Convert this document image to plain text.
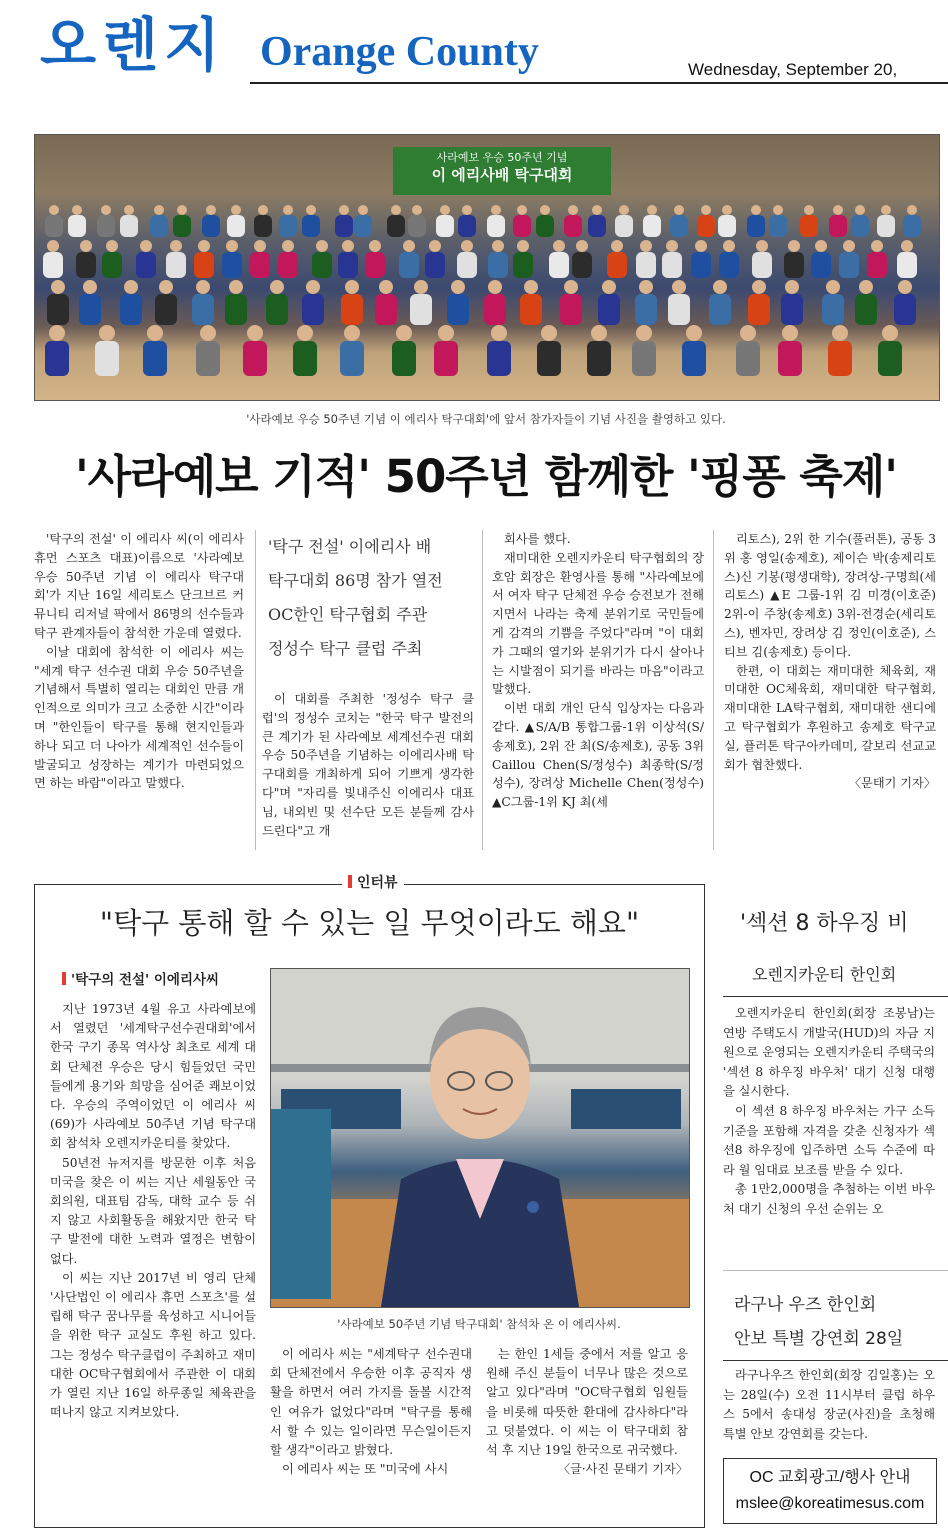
오렌지 Orange County	Wednesday, September 20,
사라예보 우승 50주년 기념
이 에리사배 탁구대회
'사라예보 우승 50주년 기념 이 에리사 탁구대회'에 앞서 참가자들이 기념 사진을 촬영하고 있다.
'사라예보 기적' 50주년 함께한 '핑퐁 축제'

'탁구의 전설' 이 에리사 씨(이 에리사 휴먼 스포츠 대표)이름으로 '사라예보 우승 50주년 기념 이 에리사 탁구대회'가 지난 16일 세리토스 단크브르 커뮤니티 리저널 팍에서 86명의 선수들과 탁구 관계자들이 참석한 가운데 열렸다.

이날 대회에 참석한 이 에리사 씨는 "세계 탁구 선수권 대회 우승 50주년을 기념해서 특별히 열리는 대회인 만큼 개인적으로 의미가 크고 소중한 시간"이라며 "한인들이 탁구를 통해 현지인들과 하나 되고 더 나아가 세계적인 선수들이 발굴되고 성장하는 계기가 마련되었으면 하는 바람"이라고 말했다.

'탁구 전설' 이에리사 배
탁구대회 86명 참가 열전
OC한인 탁구협회 주관
정성수 탁구 클럽 주최

이 대회를 주최한 '정성수 탁구 클럽'의 정성수 코치는 "한국 탁구 발전의 큰 계기가 된 사라예보 세계선수권 대회 우승 50주년을 기념하는 이에리사배 탁구대회를 개최하게 되어 기쁘게 생각한다"며 "자리를 빛내주신 이에리사 대표님, 내외빈 및 선수단 모든 분들께 감사드린다"고 개

회사를 했다.

재미대한 오렌지카운티 탁구협회의 장호암 회장은 환영사를 통해 "사라예보에서 여자 탁구 단체전 우승 승전보가 전해 지면서 나라는 축제 분위기로 국민들에게 감격의 기쁨을 주었다"라며 "이 대회가 그때의 열기와 분위기가 다시 살아나는 시발점이 되기를 바라는 마음"이라고 말했다.

이번 대회 개인 단식 입상자는 다음과 같다. ▲S/A/B 통합그룹-1위 이상석(S/송제호), 2위 잔 최(S/송제호), 공동 3위 Caillou Chen(S/정성수) 최종학(S/정성수), 장려상 Michelle Chen(정성수) ▲C그룹-1위 KJ 최(세

리토스), 2위 한 기수(풀러톤), 공동 3위 홍 영일(송제호), 제이슨 박(송제리토스)신 기봉(평생대학), 장려상-구명희(세리토스) ▲E 그룹-1위 김 미경(이호준) 2위-이 주창(송제호) 3위-전경순(세리토스), 벤자민, 장려상 김 정인(이호준), 스티브 김(송제호) 등이다.

한편, 이 대회는 재미대한 체육회, 재미대한 OC체육회, 재미대한 탁구협회, 재미대한 LA탁구협회, 재미대한 샌디에고 탁구협회가 후원하고 송제호 탁구교실, 플러톤 탁구아카데미, 갈보리 선교교회가 협찬했다.

〈문태기 기자〉
인터뷰
"탁구 통해 할 수 있는 일 무엇이라도 해요"
'탁구의 전설' 이에리사씨

지난 1973년 4월 유고 사라예보에서 열렸던 '세계탁구선수권대회'에서 한국 구기 종목 역사상 최초로 세계 대회 단체전 우승은 당시 힘들었던 국민들에게 용기와 희망을 심어준 쾌보이었다. 우승의 주역이었던 이 에리사 씨(69)가 사라예보 50주년 기념 탁구대회 참석차 오렌지카운티를 찾았다.

50년전 뉴저지를 방문한 이후 처음 미국을 찾은 이 씨는 지난 세월동안 국회의원, 대표팀 감독, 대학 교수 등 쉬지 않고 사회활동을 해왔지만 한국 탁구 발전에 대한 노력과 열정은 변함이 없다.

이 씨는 지난 2017년 비 영리 단체 '사단법인 이 에리사 휴먼 스포츠'를 설립해 탁구 꿈나무를 육성하고 시니어들을 위한 탁구 교실도 후원 하고 있다. 그는 정성수 탁구클럽이 주최하고 재미대한 OC탁구협회에서 주관한 이 대회가 열린 지난 16일 하루종일 체육관을 떠나지 않고 지켜보았다.

'사라예보 50주년 기념 탁구대회' 참석차 온 이 에리사씨.

이 에리사 씨는 "세계탁구 선수권대회 단체전에서 우승한 이후 공직자 생활을 하면서 여러 가지를 돌볼 시간적인 여유가 없었다"라며 "탁구를 통해서 할 수 있는 일이라면 무슨일이든지 할 생각"이라고 밝혔다.

이 에리사 씨는 또 "미국에 사시

는 한인 1세들 중에서 저를 알고 응원해 주신 분들이 너무나 많은 것으로 알고 있다"라며 "OC탁구협회 임원들을 비롯해 따뜻한 환대에 감사하다"라고 덧붙였다. 이 씨는 이 탁구대회 참석 후 지난 19일 한국으로 귀국했다.

〈글·사진 문태기 기자〉
'섹션 8 하우징 비
오렌지카운티 한인회

오렌지카운티 한인회(회장 조봉남)는 연방 주택도시 개발국(HUD)의 자금 지원으로 운영되는 오렌지카운티 주택국의 '섹션 8 하우징 바우처' 대기 신청 대행을 실시한다.

이 섹션 8 하우징 바우처는 가구 소득 기준을 포함해 자격을 갖춘 신청자가 섹션8 하우징에 입주하면 소득 수준에 따라 월 임대료 보조를 받을 수 있다.

총 1만2,000명을 추첨하는 이번 바우처 대기 신청의 우선 순위는 오

라구나 우즈 한인회
안보 특별 강연회 28일

라구나우즈 한인회(회장 김일홍)는 오는 28일(수) 오전 11시부터 클럽 하우스 5에서 송대성 장군(사진)을 초청해 특별 안보 강연회를 갖는다.

OC 교회광고/행사 안내
mslee@koreatimesus.com
